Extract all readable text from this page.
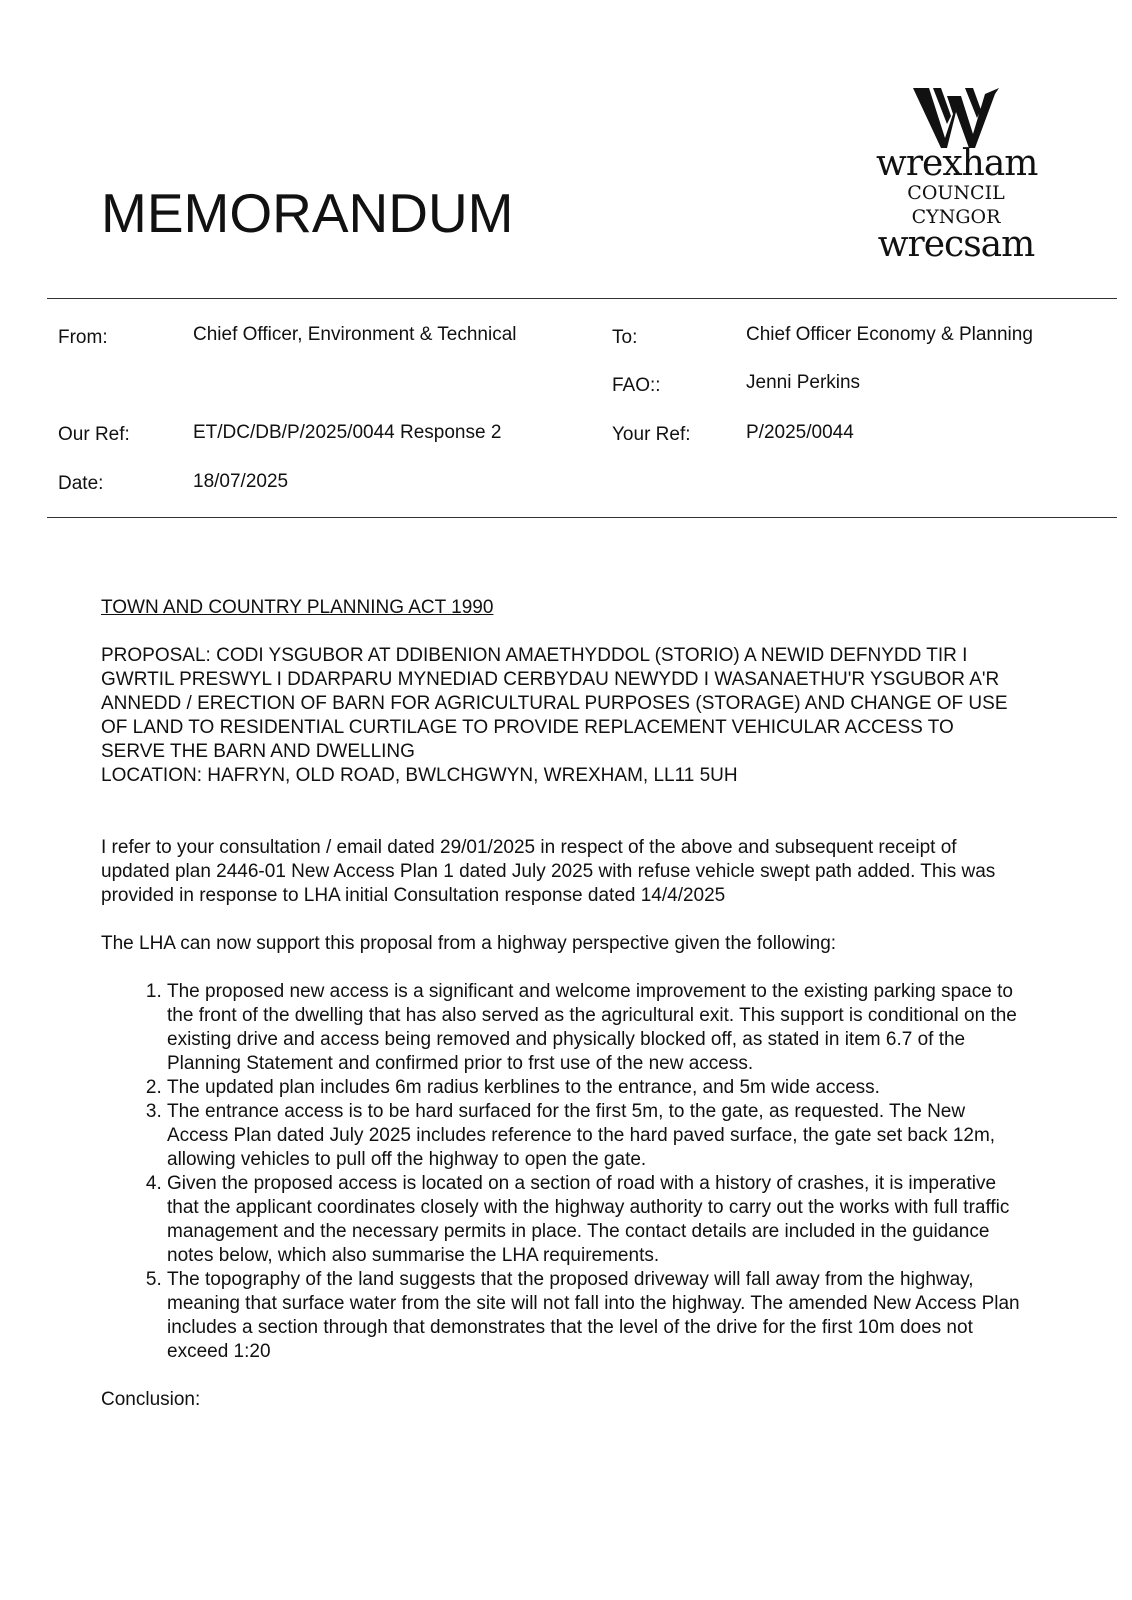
MEMORANDUM
wrexham
COUNCIL
CYNGOR
wrecsam
From:	Chief Officer, Environment & Technical	To:	Chief Officer Economy & Planning
FAO::	Jenni Perkins
Our Ref:	ET/DC/DB/P/2025/0044 Response 2	Your Ref:	P/2025/0044
Date:	18/07/2025

TOWN AND COUNTRY PLANNING ACT 1990

PROPOSAL: CODI YSGUBOR AT DDIBENION AMAETHYDDOL (STORIO) A NEWID DEFNYDD TIR I GWRTIL PRESWYL I DDARPARU MYNEDIAD CERBYDAU NEWYDD I WASANAETHU'R YSGUBOR A'R ANNEDD / ERECTION OF BARN FOR AGRICULTURAL PURPOSES (STORAGE) AND CHANGE OF USE OF LAND TO RESIDENTIAL CURTILAGE TO PROVIDE REPLACEMENT VEHICULAR ACCESS TO SERVE THE BARN AND DWELLING

LOCATION: HAFRYN, OLD ROAD, BWLCHGWYN, WREXHAM, LL11 5UH

I refer to your consultation / email dated 29/01/2025 in respect of the above and subsequent receipt of updated plan 2446-01 New Access Plan 1 dated July 2025 with refuse vehicle swept path added. This was provided in response to LHA initial Consultation response dated 14/4/2025

The LHA can now support this proposal from a highway perspective given the following:

1. The proposed new access is a significant and welcome improvement to the existing parking space to the front of the dwelling that has also served as the agricultural exit. This support is conditional on the existing drive and access being removed and physically blocked off, as stated in item 6.7 of the Planning Statement and confirmed prior to frst use of the new access.
2. The updated plan includes 6m radius kerblines to the entrance, and 5m wide access.
3. The entrance access is to be hard surfaced for the first 5m, to the gate, as requested. The New Access Plan dated July 2025 includes reference to the hard paved surface, the gate set back 12m, allowing vehicles to pull off the highway to open the gate.
4. Given the proposed access is located on a section of road with a history of crashes, it is imperative that the applicant coordinates closely with the highway authority to carry out the works with full traffic management and the necessary permits in place. The contact details are included in the guidance notes below, which also summarise the LHA requirements.
5. The topography of the land suggests that the proposed driveway will fall away from the highway, meaning that surface water from the site will not fall into the highway. The amended New Access Plan includes a section through that demonstrates that the level of the drive for the first 10m does not exceed 1:20

Conclusion:
